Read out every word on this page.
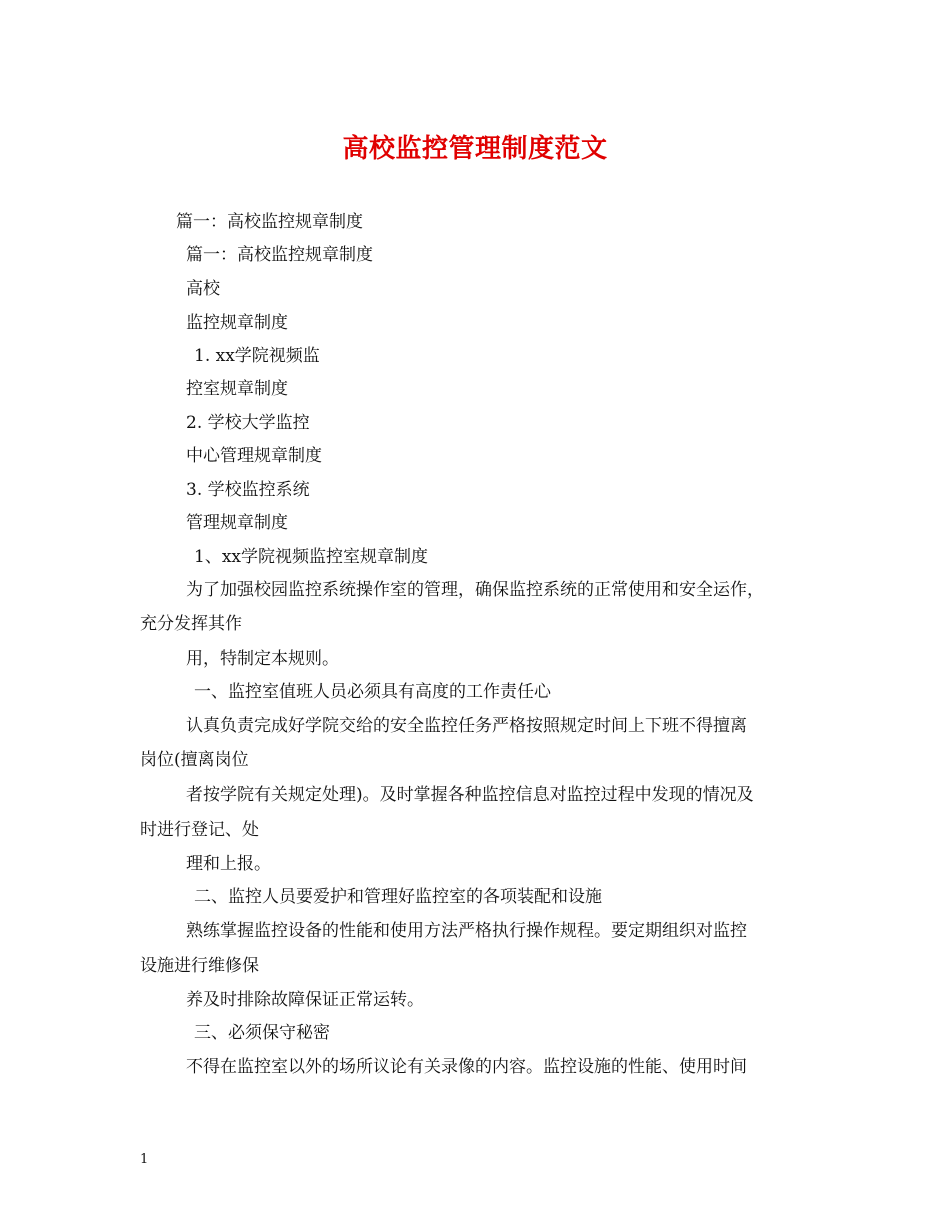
高校监控管理制度范文
篇一：高校监控规章制度
篇一：高校监控规章制度
高校
监控规章制度
1. xx学院视频监
控室规章制度
2. 学校大学监控
中心管理规章制度
3. 学校监控系统
管理规章制度
1、xx学院视频监控室规章制度
为了加强校园监控系统操作室的管理，确保监控系统的正常使用和安全运作，
充分发挥其作
用，特制定本规则。
一、监控室值班人员必须具有高度的工作责任心
认真负责完成好学院交给的安全监控任务严格按照规定时间上下班不得擅离
岗位(擅离岗位
者按学院有关规定处理)。及时掌握各种监控信息对监控过程中发现的情况及
时进行登记、处
理和上报。
二、监控人员要爱护和管理好监控室的各项装配和设施
熟练掌握监控设备的性能和使用方法严格执行操作规程。要定期组织对监控
设施进行维修保
养及时排除故障保证正常运转。
三、必须保守秘密
不得在监控室以外的场所议论有关录像的内容。监控设施的性能、使用时间
1
